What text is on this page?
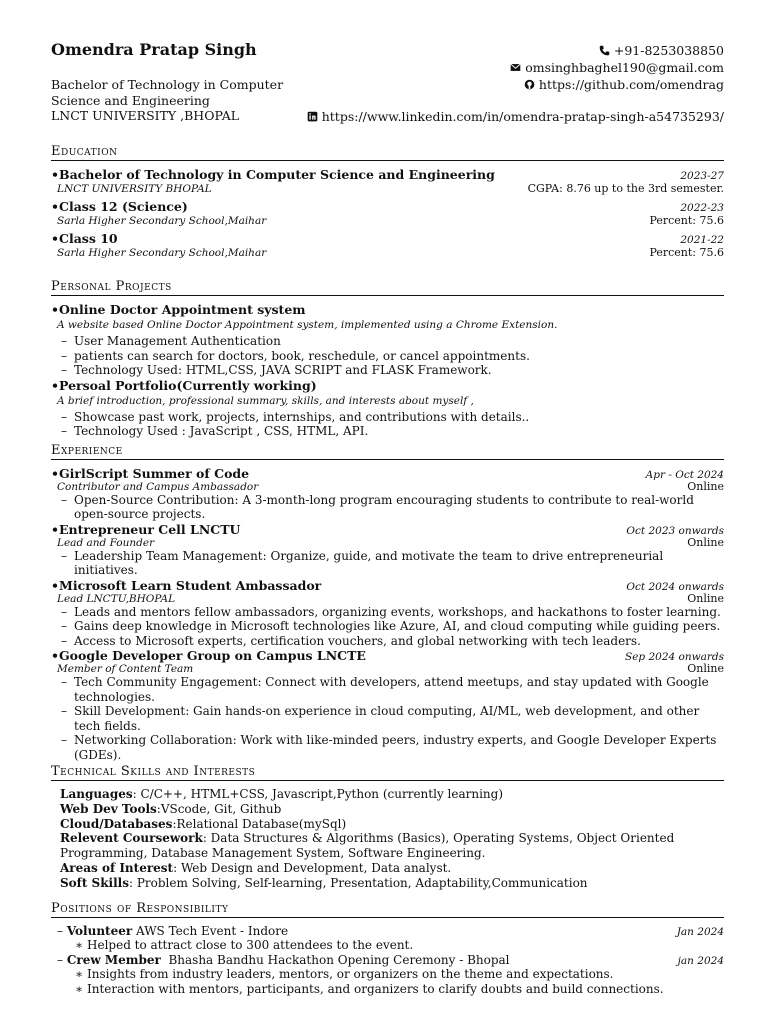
Omendra Pratap Singh
Bachelor of Technology in Computer
Science and Engineering
LNCT UNIVERSITY ,BHOPAL
+91-8253038850
omsinghbaghel190@gmail.com
https://github.com/omendrag
https://www.linkedin.com/in/omendra-pratap-singh-a54735293/
Education
•Bachelor of Technology in Computer Science and Engineering	2023-27
LNCT UNIVERSITY BHOPAL	CGPA: 8.76 up to the 3rd semester.
•Class 12 (Science)	2022-23
Sarla Higher Secondary School,Maihar	Percent: 75.6
•Class 10	2021-22
Sarla Higher Secondary School,Maihar	Percent: 75.6
Personal Projects
•Online Doctor Appointment system
A website based Online Doctor Appointment system, implemented using a Chrome Extension.
– User Management Authentication
– patients can search for doctors, book, reschedule, or cancel appointments.
– Technology Used: HTML,CSS, JAVA SCRIPT and FLASK Framework.
•Persoal Portfolio(Currently working)
A brief introduction, professional summary, skills, and interests about myself ,
– Showcase past work, projects, internships, and contributions with details..
– Technology Used : JavaScript , CSS, HTML, API.
Experience
•GirlScript Summer of Code	Apr - Oct 2024
Contributor and Campus Ambassador	Online
– Open-Source Contribution: A 3-month-long program encouraging students to contribute to real-world open-source projects.
•Entrepreneur Cell LNCTU	Oct 2023 onwards
Lead and Founder	Online
– Leadership Team Management: Organize, guide, and motivate the team to drive entrepreneurial initiatives.
•Microsoft Learn Student Ambassador	Oct 2024 onwards
Lead LNCTU,BHOPAL	Online
– Leads and mentors fellow ambassadors, organizing events, workshops, and hackathons to foster learning.
– Gains deep knowledge in Microsoft technologies like Azure, AI, and cloud computing while guiding peers.
– Access to Microsoft experts, certification vouchers, and global networking with tech leaders.
•Google Developer Group on Campus LNCTE	Sep 2024 onwards
Member of Content Team	Online
– Tech Community Engagement: Connect with developers, attend meetups, and stay updated with Google technologies.
– Skill Development: Gain hands-on experience in cloud computing, AI/ML, web development, and other tech fields.
– Networking Collaboration: Work with like-minded peers, industry experts, and Google Developer Experts (GDEs).
Technical Skills and Interests
Languages: C/C++, HTML+CSS, Javascript,Python (currently learning)
Web Dev Tools:VScode, Git, Github
Cloud/Databases:Relational Database(mySql)
Relevent Coursework: Data Structures & Algorithms (Basics), Operating Systems, Object Oriented Programming, Database Management System, Software Engineering.
Areas of Interest: Web Design and Development, Data analyst.
Soft Skills: Problem Solving, Self-learning, Presentation, Adaptability,Communication
Positions of Responsibility
– Volunteer AWS Tech Event - Indore	Jan 2024
∗ Helped to attract close to 300 attendees to the event.
– Crew Member Bhasha Bandhu Hackathon Opening Ceremony - Bhopal	jan 2024
∗ Insights from industry leaders, mentors, or organizers on the theme and expectations.
∗ Interaction with mentors, participants, and organizers to clarify doubts and build connections.
